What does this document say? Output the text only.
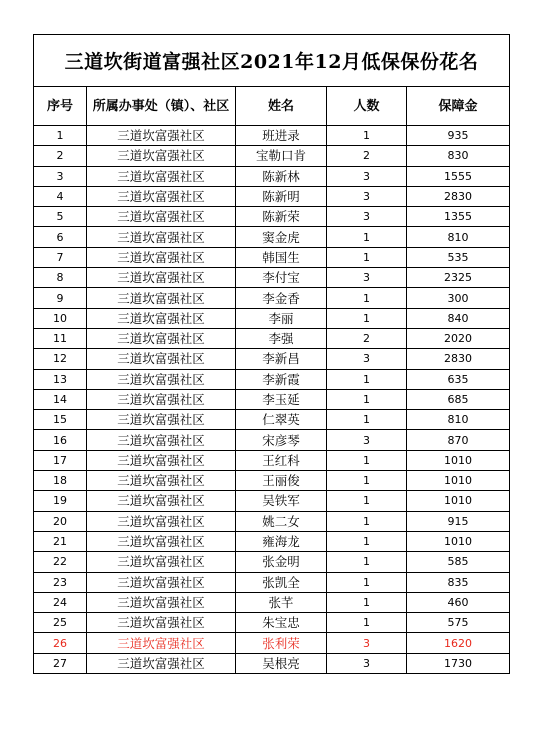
三道坎街道富强社区2021年12月低保保份花名				
序号	所属办事处（镇）、社区	姓名	人数	保障金
1	三道坎富强社区	班进录	1	935
2	三道坎富强社区	宝勒口肯	2	830
3	三道坎富强社区	陈新林	3	1555
4	三道坎富强社区	陈新明	3	2830
5	三道坎富强社区	陈新荣	3	1355
6	三道坎富强社区	窦金虎	1	810
7	三道坎富强社区	韩国生	1	535
8	三道坎富强社区	李付宝	3	2325
9	三道坎富强社区	李金香	1	300
10	三道坎富强社区	李丽	1	840
11	三道坎富强社区	李强	2	2020
12	三道坎富强社区	李新昌	3	2830
13	三道坎富强社区	李新霞	1	635
14	三道坎富强社区	李玉延	1	685
15	三道坎富强社区	仁翠英	1	810
16	三道坎富强社区	宋彦琴	3	870
17	三道坎富强社区	王红科	1	1010
18	三道坎富强社区	王丽俊	1	1010
19	三道坎富强社区	吴铁军	1	1010
20	三道坎富强社区	姚二女	1	915
21	三道坎富强社区	雍海龙	1	1010
22	三道坎富强社区	张金明	1	585
23	三道坎富强社区	张凯全	1	835
24	三道坎富强社区	张芊	1	460
25	三道坎富强社区	朱宝忠	1	575
26	三道坎富强社区	张利荣	3	1620
27	三道坎富强社区	吴根亮	3	1730
